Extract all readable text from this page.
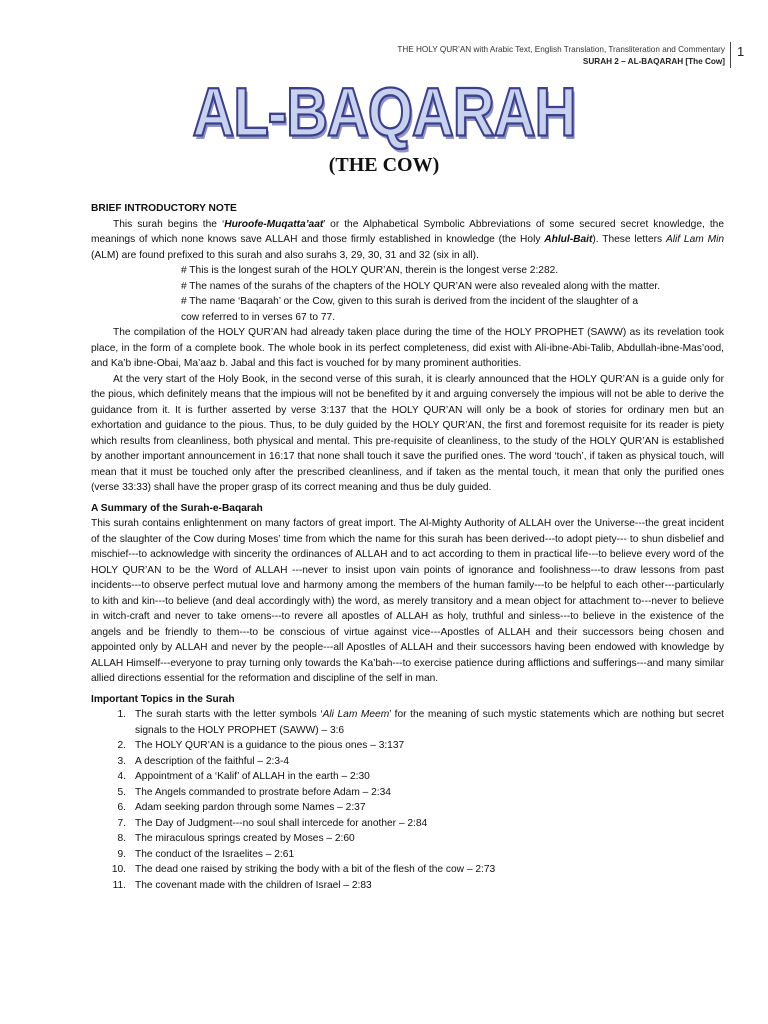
THE HOLY QUR’AN with Arabic Text, English Translation, Transliteration and Commentary
SURAH 2 – AL-BAQARAH [The Cow]
1
AL-BAQARAH
(THE COW)
BRIEF INTRODUCTORY NOTE

This surah begins the ‘Huroofe-Muqatta’aat’ or the Alphabetical Symbolic Abbreviations of some secured secret knowledge, the meanings of which none knows save ALLAH and those firmly established in knowledge (the Holy Ahlul-Bait). These letters Alif Lam Min (ALM) are found prefixed to this surah and also surahs 3, 29, 30, 31 and 32 (six in all).

# This is the longest surah of the HOLY QUR’AN, therein is the longest verse 2:282.

# The names of the surahs of the chapters of the HOLY QUR’AN were also revealed along with the matter.

# The name ‘Baqarah’ or the Cow, given to this surah is derived from the incident of the slaughter of a

cow referred to in verses 67 to 77.

The compilation of the HOLY QUR’AN had already taken place during the time of the HOLY PROPHET (SAWW) as its revelation took place, in the form of a complete book. The whole book in its perfect completeness, did exist with Ali-ibne-Abi-Talib, Abdullah-ibne-Mas’ood, and Ka’b ibne-Obai, Ma’aaz b. Jabal and this fact is vouched for by many prominent authorities.

At the very start of the Holy Book, in the second verse of this surah, it is clearly announced that the HOLY QUR’AN is a guide only for the pious, which definitely means that the impious will not be benefited by it and arguing conversely the impious will not be able to derive the guidance from it. It is further asserted by verse 3:137 that the HOLY QUR’AN will only be a book of stories for ordinary men but an exhortation and guidance to the pious. Thus, to be duly guided by the HOLY QUR’AN, the first and foremost requisite for its reader is piety which results from cleanliness, both physical and mental. This pre-requisite of cleanliness, to the study of the HOLY QUR’AN is established by another important announcement in 16:17 that none shall touch it save the purified ones. The word ‘touch’, if taken as physical touch, will mean that it must be touched only after the prescribed cleanliness, and if taken as the mental touch, it mean that only the purified ones (verse 33:33) shall have the proper grasp of its correct meaning and thus be duly guided.

A Summary of the Surah-e-Baqarah

This surah contains enlightenment on many factors of great import. The Al-Mighty Authority of ALLAH over the Universe---the great incident of the slaughter of the Cow during Moses’ time from which the name for this surah has been derived---to adopt piety--- to shun disbelief and mischief---to acknowledge with sincerity the ordinances of ALLAH and to act according to them in practical life---to believe every word of the HOLY QUR’AN to be the Word of ALLAH ---never to insist upon vain points of ignorance and foolishness---to draw lessons from past incidents---to observe perfect mutual love and harmony among the members of the human family---to be helpful to each other---particularly to kith and kin---to believe (and deal accordingly with) the word, as merely transitory and a mean object for attachment to---never to believe in witch-craft and never to take omens---to revere all apostles of ALLAH as holy, truthful and sinless---to believe in the existence of the angels and be friendly to them---to be conscious of virtue against vice---Apostles of ALLAH and their successors being chosen and appointed only by ALLAH and never by the people---all Apostles of ALLAH and their successors having been endowed with knowledge by ALLAH Himself---everyone to pray turning only towards the Ka’bah---to exercise patience during afflictions and sufferings---and many similar allied directions essential for the reformation and discipline of the self in man.

Important Topics in the Surah
1. The surah starts with the letter symbols ‘Ali Lam Meem’ for the meaning of such mystic statements which are nothing but secret signals to the HOLY PROPHET (SAWW) – 3:6
2. The HOLY QUR’AN is a guidance to the pious ones – 3:137
3. A description of the faithful – 2:3-4
4. Appointment of a ‘Kalif’ of ALLAH in the earth – 2:30
5. The Angels commanded to prostrate before Adam – 2:34
6. Adam seeking pardon through some Names – 2:37
7. The Day of Judgment---no soul shall intercede for another – 2:84
8. The miraculous springs created by Moses – 2:60
9. The conduct of the Israelites – 2:61
10. The dead one raised by striking the body with a bit of the flesh of the cow – 2:73
11. The covenant made with the children of Israel – 2:83
